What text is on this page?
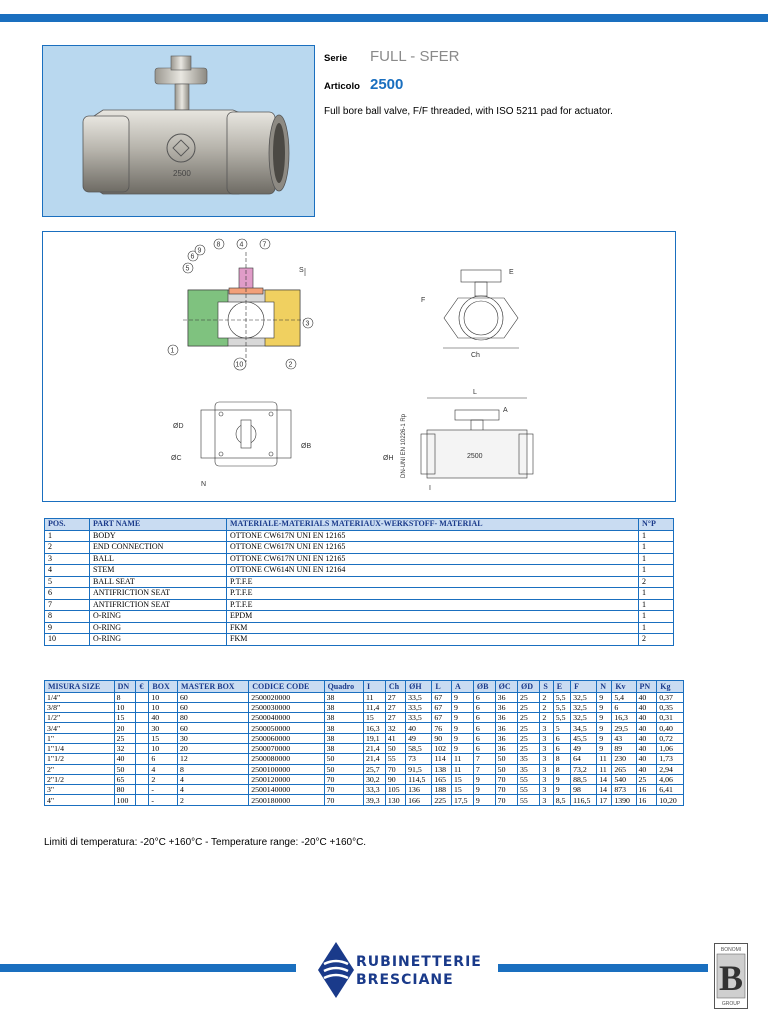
2500
Serie	FULL - SFER
Articolo 2500
Full bore ball valve, F/F threaded, with ISO 5211 pad for actuator.
S
1
2
3
4
5
6
7
8
9
10
Ch
E
F
ØD
ØC
ØB
N
L
A
ØH
I
2500
DN-UNI EN 10226-1 Rp
POS.	PART NAME	MATERIALE-MATERIALS MATERIAUX-WERKSTOFF- MATERIAL	N°P
1	BODY	OTTONE CW617N UNI EN 12165	1
2	END CONNECTION	OTTONE CW617N UNI EN 12165	1
3	BALL	OTTONE CW617N UNI EN 12165	1
4	STEM	OTTONE CW614N UNI EN 12164	1
5	BALL SEAT	P.T.F.E	2
6	ANTIFRICTION SEAT	P.T.F.E	1
7	ANTIFRICTION SEAT	P.T.F.E	1
8	O-RING	EPDM	1
9	O-RING	FKM	1
10	O-RING	FKM	2
MISURA SIZE	DN	€	BOX	MASTER BOX	CODICE CODE	Quadro	I	Ch	ØH	L	A	ØB	ØC	ØD	S	E	F	N	Kv	PN	Kg
1/4"	8		10	60	2500020000	38	11	27	33,5	67	9	6	36	25	2	5,5	32,5	9	5,4	40	0,37
3/8"	10		10	60	2500030000	38	11,4	27	33,5	67	9	6	36	25	2	5,5	32,5	9	6	40	0,35
1/2"	15		40	80	2500040000	38	15	27	33,5	67	9	6	36	25	2	5,5	32,5	9	16,3	40	0,31
3/4"	20		30	60	2500050000	38	16,3	32	40	76	9	6	36	25	3	5	34,5	9	29,5	40	0,40
1"	25		15	30	2500060000	38	19,1	41	49	90	9	6	36	25	3	6	45,5	9	43	40	0,72
1"1/4	32		10	20	2500070000	38	21,4	50	58,5	102	9	6	36	25	3	6	49	9	89	40	1,06
1"1/2	40		6	12	2500080000	50	21,4	55	73	114	11	7	50	35	3	8	64	11	230	40	1,73
2"	50		4	8	2500100000	50	25,7	70	91,5	138	11	7	50	35	3	8	73,2	11	265	40	2,94
2"1/2	65		2	4	2500120000	70	30,2	90	114,5	165	15	9	70	55	3	9	88,5	14	540	25	4,06
3"	80		-	4	2500140000	70	33,3	105	136	188	15	9	70	55	3	9	98	14	873	16	6,41
4"	100		-	2	2500180000	70	39,3	130	166	225	17,5	9	70	55	3	8,5	116,5	17	1390	16	10,20
Limiti di temperatura: -20°C +160°C - Temperature range: -20°C +160°C.
RUBINETTERIE
BRESCIANE
BONOMI
B
GROUP
